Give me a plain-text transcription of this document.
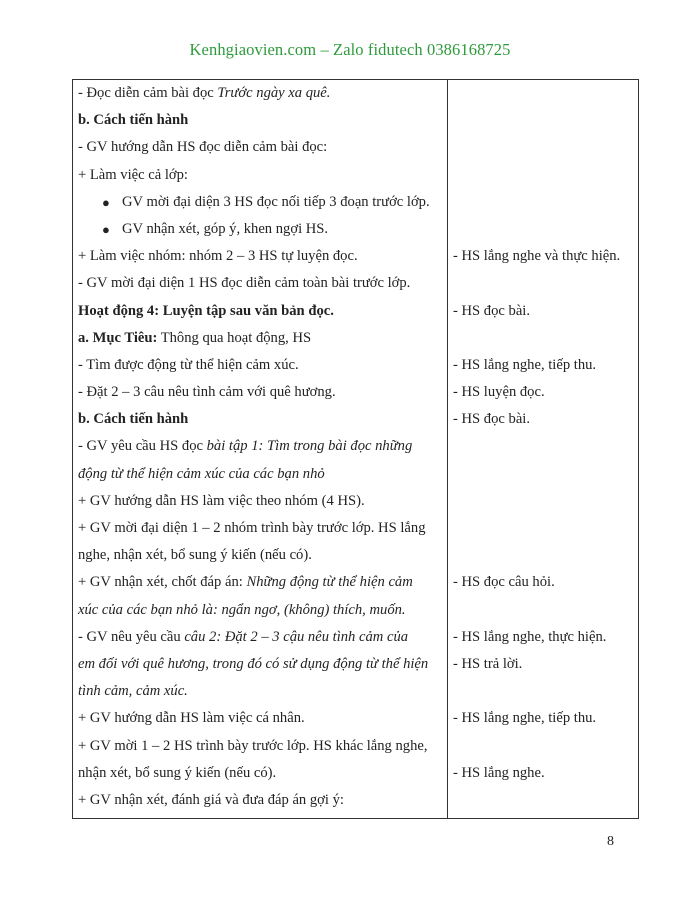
Kenhgiaovien.com – Zalo fidutech 0386168725
- Đọc diễn cảm bài đọc Trước ngày xa quê.
b. Cách tiến hành
- GV hướng dẫn HS đọc diễn cảm bài đọc:
+ Làm việc cả lớp:
● GV mời đại diện 3 HS đọc nối tiếp 3 đoạn trước lớp.
● GV nhận xét, góp ý, khen ngợi HS.
+ Làm việc nhóm: nhóm 2 – 3 HS tự luyện đọc.
- GV mời đại diện 1 HS đọc diễn cảm toàn bài trước lớp.
Hoạt động 4: Luyện tập sau văn bản đọc.
a. Mục Tiêu: Thông qua hoạt động, HS
- Tìm được động từ thể hiện cảm xúc.
- Đặt 2 – 3 câu nêu tình cảm với quê hương.
b. Cách tiến hành
- GV yêu cầu HS đọc bài tập 1: Tìm trong bài đọc những
động từ thể hiện cảm xúc của các bạn nhỏ
+ GV hướng dẫn HS làm việc theo nhóm (4 HS).
+ GV mời đại diện 1 – 2 nhóm trình bày trước lớp. HS lắng
nghe, nhận xét, bổ sung ý kiến (nếu có).
+ GV nhận xét, chốt đáp án: Những động từ thể hiện cảm
xúc của các bạn nhỏ là: ngẩn ngơ, (không) thích, muốn.
- GV nêu yêu cầu câu 2: Đặt 2 – 3 cậu nêu tình cảm của
em đối với quê hương, trong đó có sử dụng động từ thể hiện
tình cảm, cảm xúc.
+ GV hướng dẫn HS làm việc cá nhân.
+ GV mời 1 – 2 HS trình bày trước lớp. HS khác lắng nghe,
nhận xét, bổ sung ý kiến (nếu có).
+ GV nhận xét, đánh giá và đưa đáp án gợi ý:
- HS lắng nghe và thực hiện.
- HS đọc bài.
- HS lắng nghe, tiếp thu.
- HS luyện đọc.
- HS đọc bài.
- HS đọc câu hỏi.
- HS lắng nghe, thực hiện.
- HS trả lời.
- HS lắng nghe, tiếp thu.
- HS lắng nghe.
8
